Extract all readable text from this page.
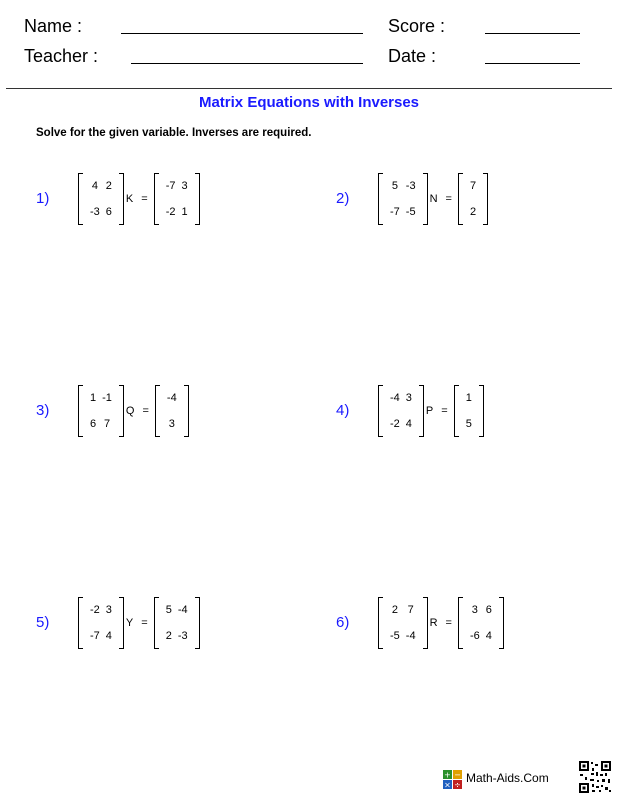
Name :	Score :
Teacher :	Date :
Matrix Equations with Inverses
Solve for the given variable. Inverses are required.
1)
4	2
-3	6
K =
-7	3
-2	1
2)
5	-3
-7	-5
N =
7
2
3)
1	-1
6	7
Q =
-4
3
4)
-4	3
-2	4
P =
1
5
5)
-2	3
-7	4
Y =
5	-4
2	-3
6)
2	7
-5	-4
R =
3	6
-6	4
+ −
× ÷ Math-Aids.Com
